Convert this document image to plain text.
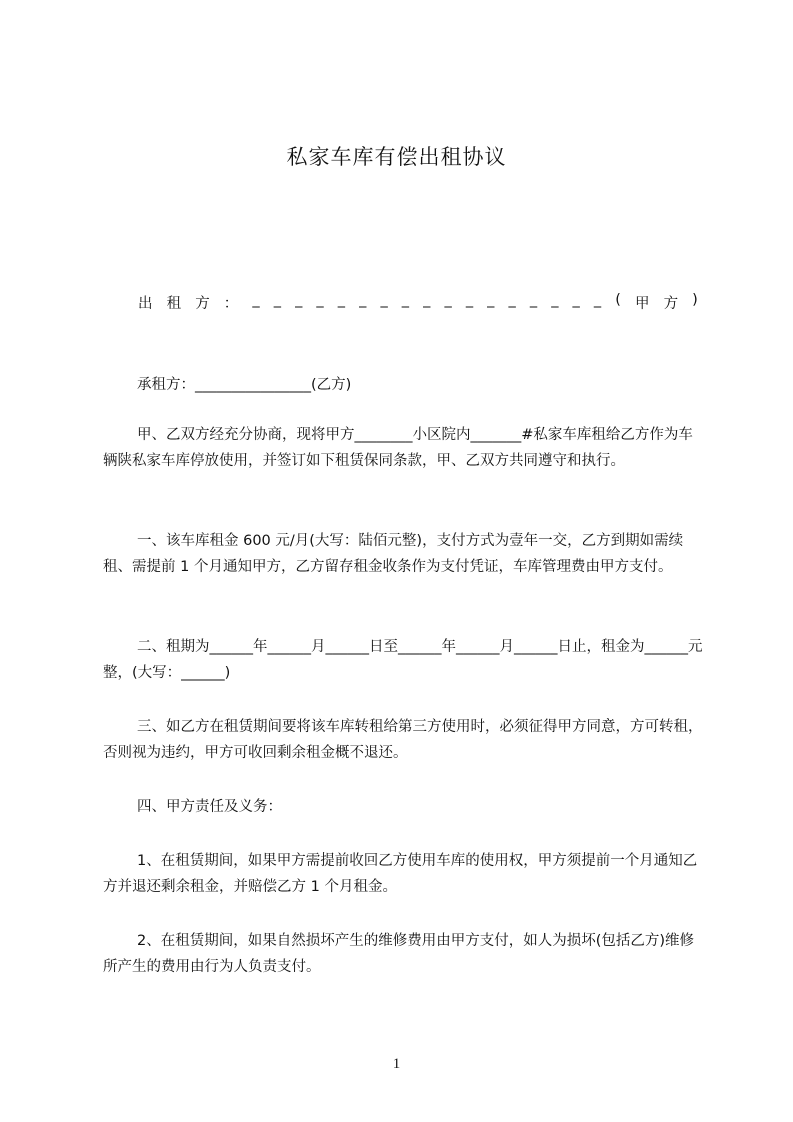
私家车库有偿出租协议
出 租 方 ： _ _ _ _ _ _ _ _ _ _ _ _ _ _ _ _ _ ( 甲 方 )
承租方：________________(乙方)
甲、乙双方经充分协商，现将甲方________小区院内_______#私家车库租给乙方作为车辆陕私家车库停放使用，并签订如下租赁保同条款，甲、乙双方共同遵守和执行。
一、该车库租金 600 元/月(大写：陆佰元整)，支付方式为壹年一交，乙方到期如需续租、需提前 1 个月通知甲方，乙方留存租金收条作为支付凭证，车库管理费由甲方支付。
二、租期为______年______月______日至______年______月______日止，租金为______元整，(大写：______)
三、如乙方在租赁期间要将该车库转租给第三方使用时，必须征得甲方同意，方可转租，否则视为违约，甲方可收回剩余租金概不退还。
四、甲方责任及义务：
1、在租赁期间，如果甲方需提前收回乙方使用车库的使用权，甲方须提前一个月通知乙方并退还剩余租金，并赔偿乙方 1 个月租金。
2、在租赁期间，如果自然损坏产生的维修费用由甲方支付，如人为损坏(包括乙方)维修所产生的费用由行为人负责支付。
1
